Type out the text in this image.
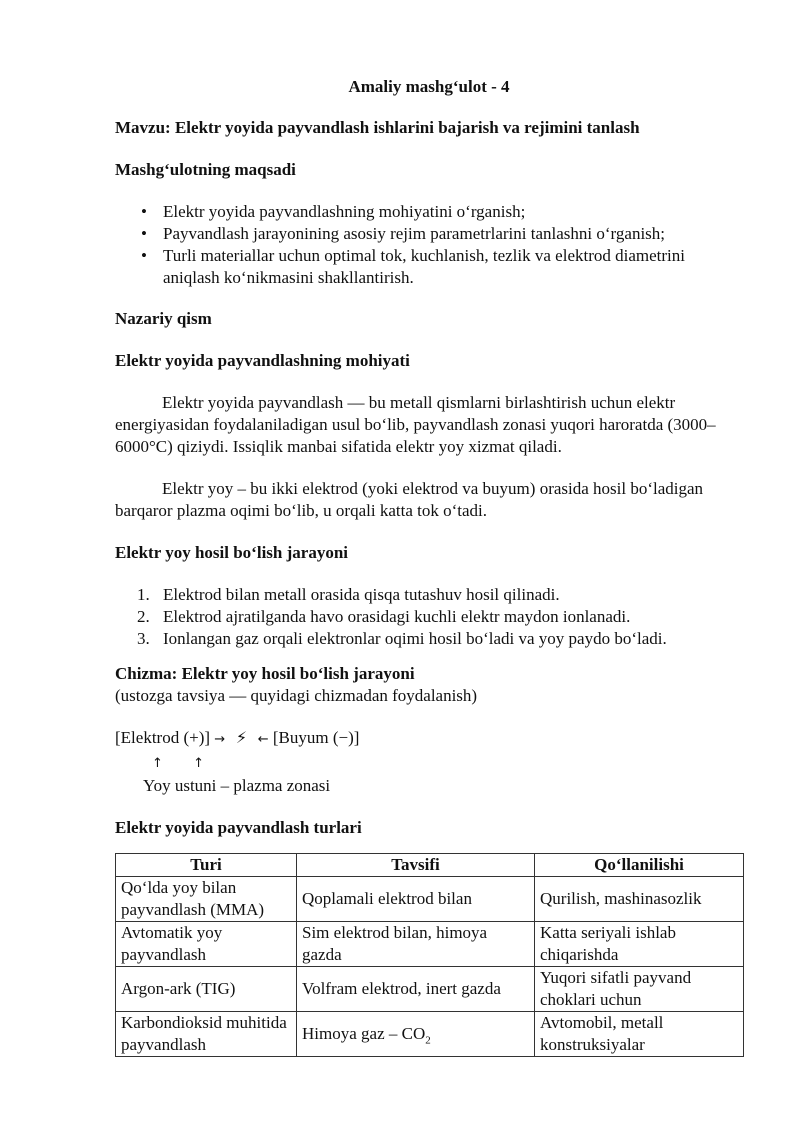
Amaliy mashg‘ulot - 4

Mavzu: Elektr yoyida payvandlash ishlarini bajarish va rejimini tanlash

Mashg‘ulotning maqsadi

• Elektr yoyida payvandlashning mohiyatini o‘rganish;
• Payvandlash jarayonining asosiy rejim parametrlarini tanlashni o‘rganish;
• Turli materiallar uchun optimal tok, kuchlanish, tezlik va elektrod diametrini aniqlash ko‘nikmasini shakllantirish.

Nazariy qism

Elektr yoyida payvandlashning mohiyati

Elektr yoyida payvandlash — bu metall qismlarni birlashtirish uchun elektr energiyasidan foydalaniladigan usul bo‘lib, payvandlash zonasi yuqori haroratda (3000–6000°C) qiziydi. Issiqlik manbai sifatida elektr yoy xizmat qiladi.

Elektr yoy – bu ikki elektrod (yoki elektrod va buyum) orasida hosil bo‘ladigan barqaror plazma oqimi bo‘lib, u orqali katta tok o‘tadi.

Elektr yoy hosil bo‘lish jarayoni

1. Elektrod bilan metall orasida qisqa tutashuv hosil qilinadi.
2. Elektrod ajratilganda havo orasidagi kuchli elektr maydon ionlanadi.
3. Ionlangan gaz orqali elektronlar oqimi hosil bo‘ladi va yoy paydo bo‘ladi.

Chizma: Elektr yoy hosil bo‘lish jarayoni

(ustozga tavsiya — quyidagi chizmadan foydalanish)

[Elektrod (+)] → ⚡ ← [Buyum (−)]
↑ ↑
Yoy ustuni – plazma zonasi

Elektr yoyida payvandlash turlari

Turi	Tavsifi	Qo‘llanilishi
Qo‘lda yoy bilan payvandlash (MMA)	Qoplamali elektrod bilan	Qurilish, mashinasozlik
Avtomatik yoy payvandlash	Sim elektrod bilan, himoya gazda	Katta seriyali ishlab chiqarishda
Argon-ark (TIG)	Volfram elektrod, inert gazda	Yuqori sifatli payvand choklari uchun
Karbondioksid muhitida payvandlash	Himoya gaz – $CO_2$	Avtomobil, metall konstruksiyalar
